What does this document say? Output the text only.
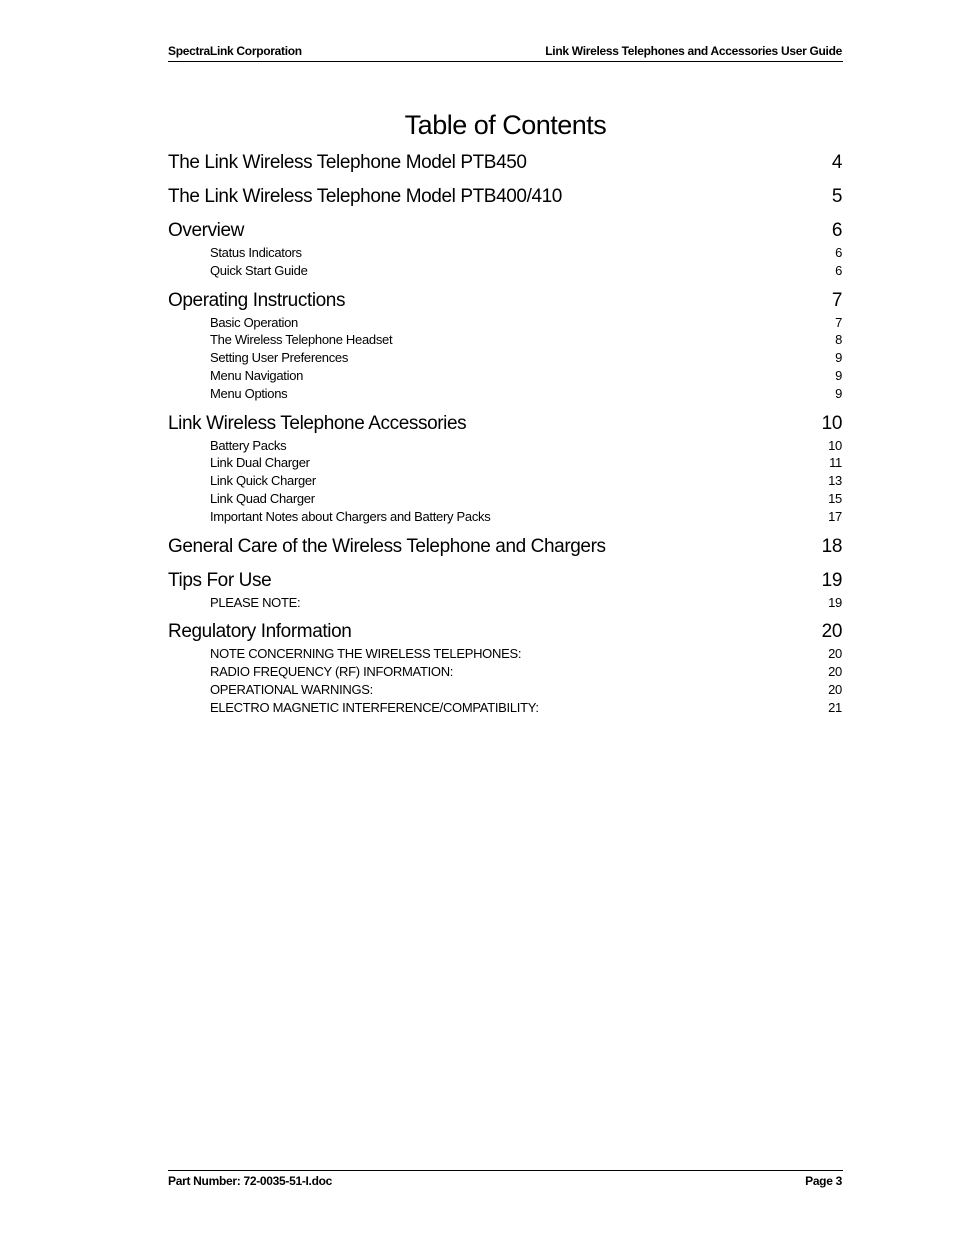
SpectraLink Corporation	Link Wireless Telephones and Accessories User Guide
Table of Contents
The Link Wireless Telephone Model PTB450	4
The Link Wireless Telephone Model PTB400/410	5
Overview	6
Status Indicators	6
Quick Start Guide	6
Operating Instructions	7
Basic Operation	7
The Wireless Telephone Headset	8
Setting User Preferences	9
Menu Navigation	9
Menu Options	9
Link Wireless Telephone Accessories	10
Battery Packs	10
Link Dual Charger	11
Link Quick Charger	13
Link Quad Charger	15
Important Notes about Chargers and Battery Packs	17
General Care of the Wireless Telephone and Chargers	18
Tips For Use	19
PLEASE NOTE:	19
Regulatory Information	20
NOTE CONCERNING THE WIRELESS TELEPHONES:	20
RADIO FREQUENCY (RF) INFORMATION:	20
OPERATIONAL WARNINGS:	20
ELECTRO MAGNETIC INTERFERENCE/COMPATIBILITY:	21
Part Number: 72-0035-51-I.doc	Page 3
